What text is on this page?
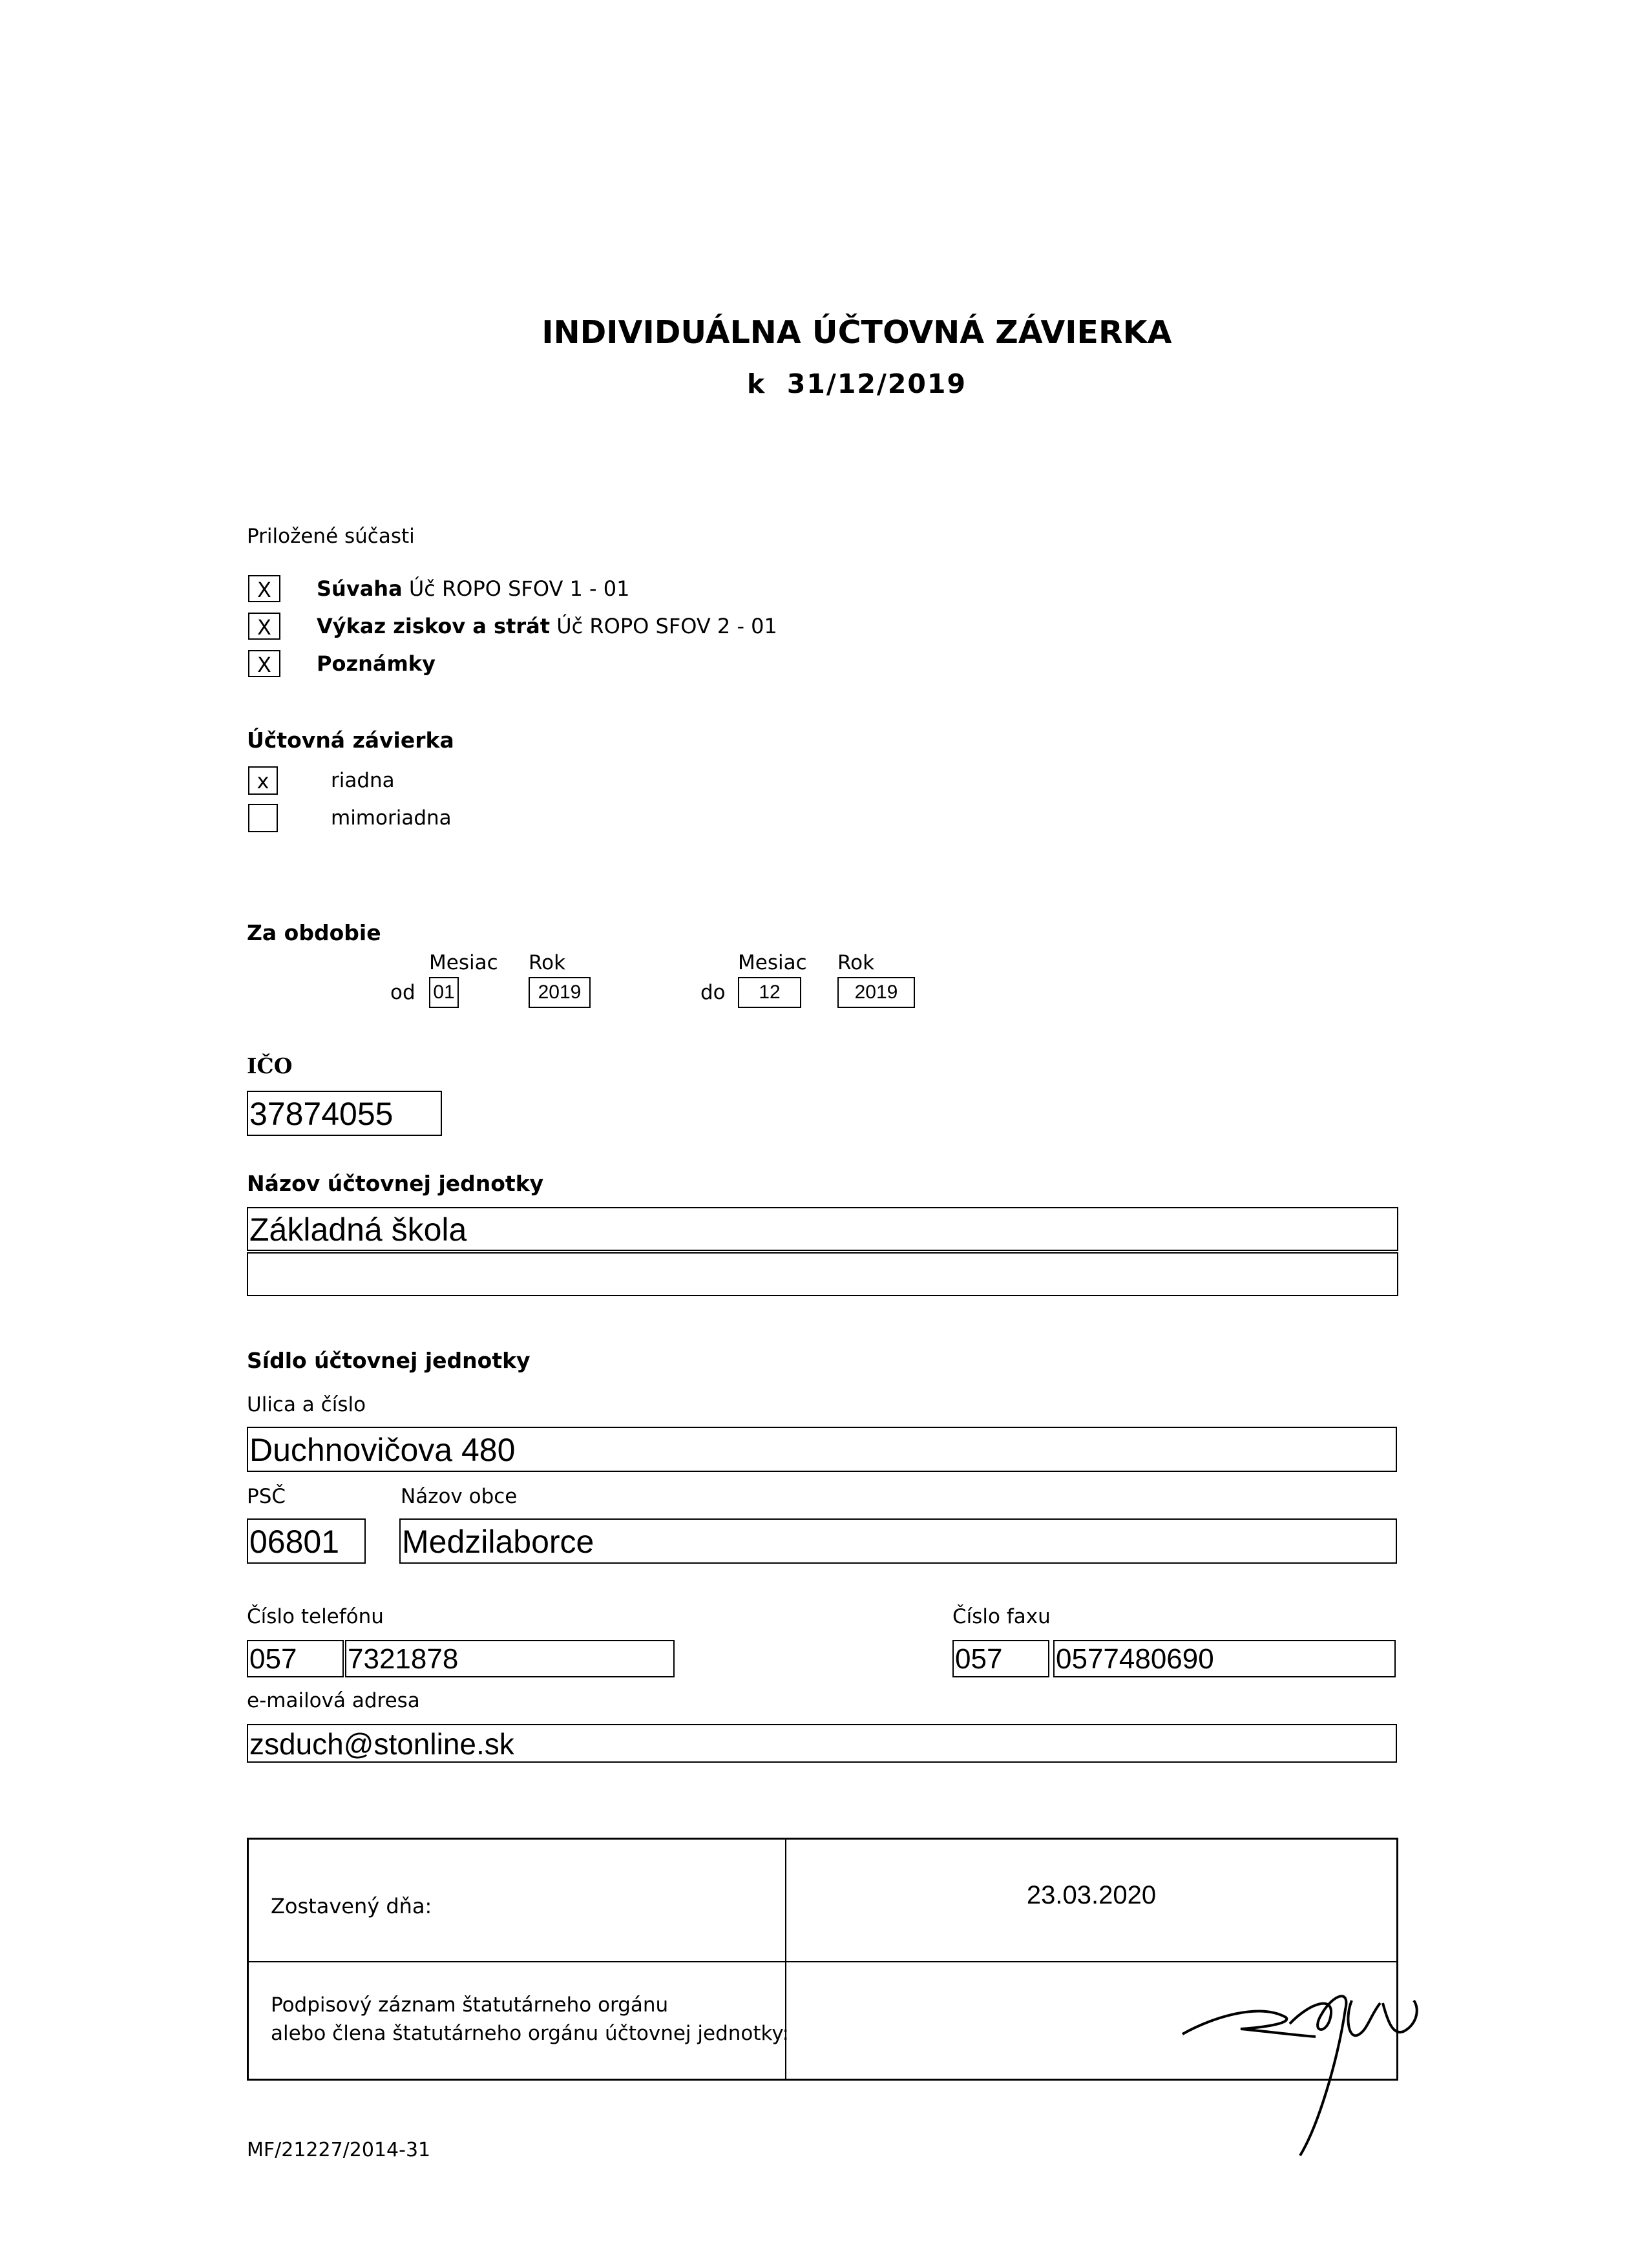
INDIVIDUÁLNA ÚČTOVNÁ ZÁVIERKA
k  31/12/2019
Priložené súčasti
X	Súvaha Úč ROPO SFOV 1 - 01
X	Výkaz ziskov a strát Úč ROPO SFOV 2 - 01
X	Poznámky
Účtovná závierka
x	riadna
mimoriadna
Za obdobie
Mesiac Rok	Mesiac Rok
od 01	2019	do	12	2019
IČO
37874055
Názov účtovnej jednotky
Základná škola
Sídlo účtovnej jednotky
Ulica a číslo
Duchnovičova 480
PSČ	Názov obce
06801	Medzilaborce
Číslo telefónu	Číslo faxu
057	7321878	057	0577480690
e-mailová adresa
zsduch@stonline.sk
Zostavený dňa:	23.03.2020
Podpisový záznam štatutárneho orgánu
alebo člena štatutárneho orgánu účtovnej jednotky:
MF/21227/2014-31
